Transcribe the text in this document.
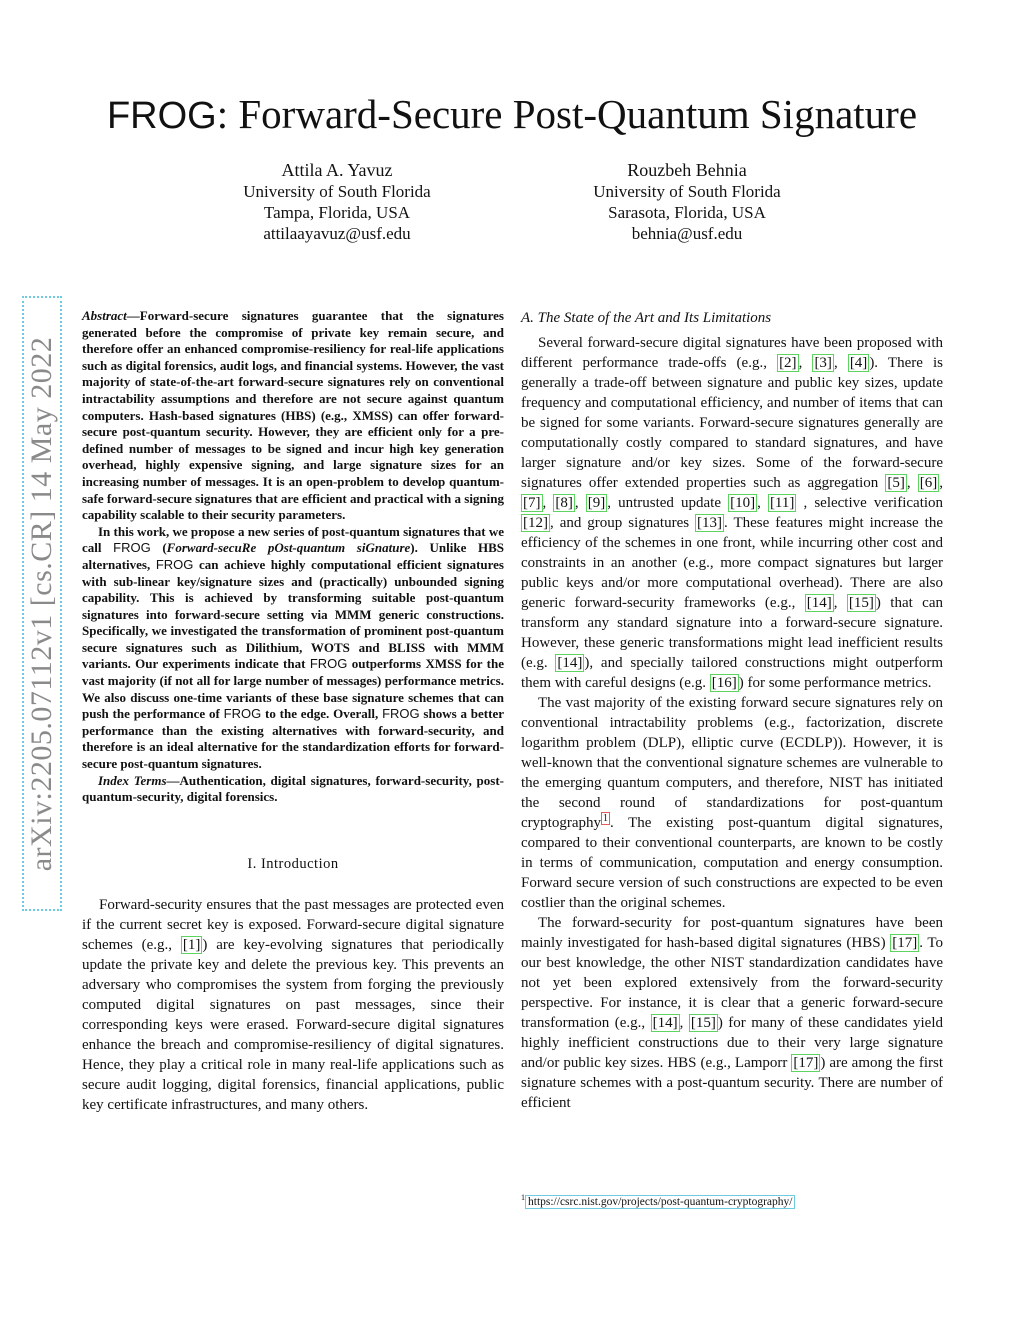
FROG: Forward-Secure Post-Quantum Signature
Attila A. Yavuz
University of South Florida
Tampa, Florida, USA
attilaayavuz@usf.edu
Rouzbeh Behnia
University of South Florida
Sarasota, Florida, USA
behnia@usf.edu
arXiv:2205.07112v1 [cs.CR] 14 May 2022

Abstract—Forward-secure signatures guarantee that the signatures generated before the compromise of private key remain secure, and therefore offer an enhanced compromise-resiliency for real-life applications such as digital forensics, audit logs, and financial systems. However, the vast majority of state-of-the-art forward-secure signatures rely on conventional intractability assumptions and therefore are not secure against quantum computers. Hash-based signatures (HBS) (e.g., XMSS) can offer forward-secure post-quantum security. However, they are efficient only for a pre-defined number of messages to be signed and incur high key generation overhead, highly expensive signing, and large signature sizes for an increasing number of messages. It is an open-problem to develop quantum-safe forward-secure signatures that are efficient and practical with a signing capability scalable to their security parameters.

In this work, we propose a new series of post-quantum signatures that we call FROG (Forward-secuRe pOst-quantum siGnature). Unlike HBS alternatives, FROG can achieve highly computational efficient signatures with sub-linear key/signature sizes and (practically) unbounded signing capability. This is achieved by transforming suitable post-quantum signatures into forward-secure setting via MMM generic constructions. Specifically, we investigated the transformation of prominent post-quantum secure signatures such as Dilithium, WOTS and BLISS with MMM variants. Our experiments indicate that FROG outperforms XMSS for the vast majority (if not all for large number of messages) performance metrics. We also discuss one-time variants of these base signature schemes that can push the performance of FROG to the edge. Overall, FROG shows a better performance than the existing alternatives with forward-security, and therefore is an ideal alternative for the standardization efforts for forward-secure post-quantum signatures.

Index Terms—Authentication, digital signatures, forward-security, post-quantum-security, digital forensics.

I. Introduction

Forward-security ensures that the past messages are protected even if the current secret key is exposed. Forward-secure digital signature schemes (e.g., [1] ) are key-evolving signatures that periodically update the private key and delete the previous key. This prevents an adversary who compromises the system from forging the previously computed digital signatures on past messages, since their corresponding keys were erased. Forward-secure digital signatures enhance the breach and compromise-resiliency of digital signatures. Hence, they play a critical role in many real-life applications such as secure audit logging, digital forensics, financial applications, public key certificate infrastructures, and many others.

A. The State of the Art and Its Limitations

Several forward-secure digital signatures have been proposed with different performance trade-offs (e.g., [2] , [3] , [4] ). There is generally a trade-off between signature and public key sizes, update frequency and computational efficiency, and number of items that can be signed for some variants. Forward-secure signatures generally are computationally costly compared to standard signatures, and have larger signature and/or key sizes. Some of the forward-secure signatures offer extended properties such as aggregation [5] , [6] , [7] , [8] , [9] , untrusted update [10] , [11] , selective verification [12] , and group signatures [13] . These features might increase the efficiency of the schemes in one front, while incurring other cost and constraints in an another (e.g., more compact signatures but larger public keys and/or more computational overhead). There are also generic forward-security frameworks (e.g., [14] , [15] ) that can transform any standard signature into a forward-secure signature. However, these generic transformations might lead inefficient results (e.g. [14] ), and specially tailored constructions might outperform them with careful designs (e.g. [16] ) for some performance metrics.

The vast majority of the existing forward secure signatures rely on conventional intractability problems (e.g., factorization, discrete logarithm problem (DLP), elliptic curve (ECDLP)). However, it is well-known that the conventional signature schemes are vulnerable to the emerging quantum computers, and therefore, NIST has initiated the second round of standardizations for post-quantum cryptography $^1$ . The existing post-quantum digital signatures, compared to their conventional counterparts, are known to be costly in terms of communication, computation and energy consumption. Forward secure version of such constructions are expected to be even costlier than the original schemes.

The forward-security for post-quantum signatures have been mainly investigated for hash-based digital signatures (HBS) [17] . To our best knowledge, the other NIST standardization candidates have not yet been explored extensively from the forward-security perspective. For instance, it is clear that a generic forward-secure transformation (e.g., [14] , [15] ) for many of these candidates yield highly inefficient constructions due to their very large signature and/or public key sizes. HBS (e.g., Lamporr [17] ) are among the first signature schemes with a post-quantum security. There are number of efficient

$^1$ https://csrc.nist.gov/projects/post-quantum-cryptography/
